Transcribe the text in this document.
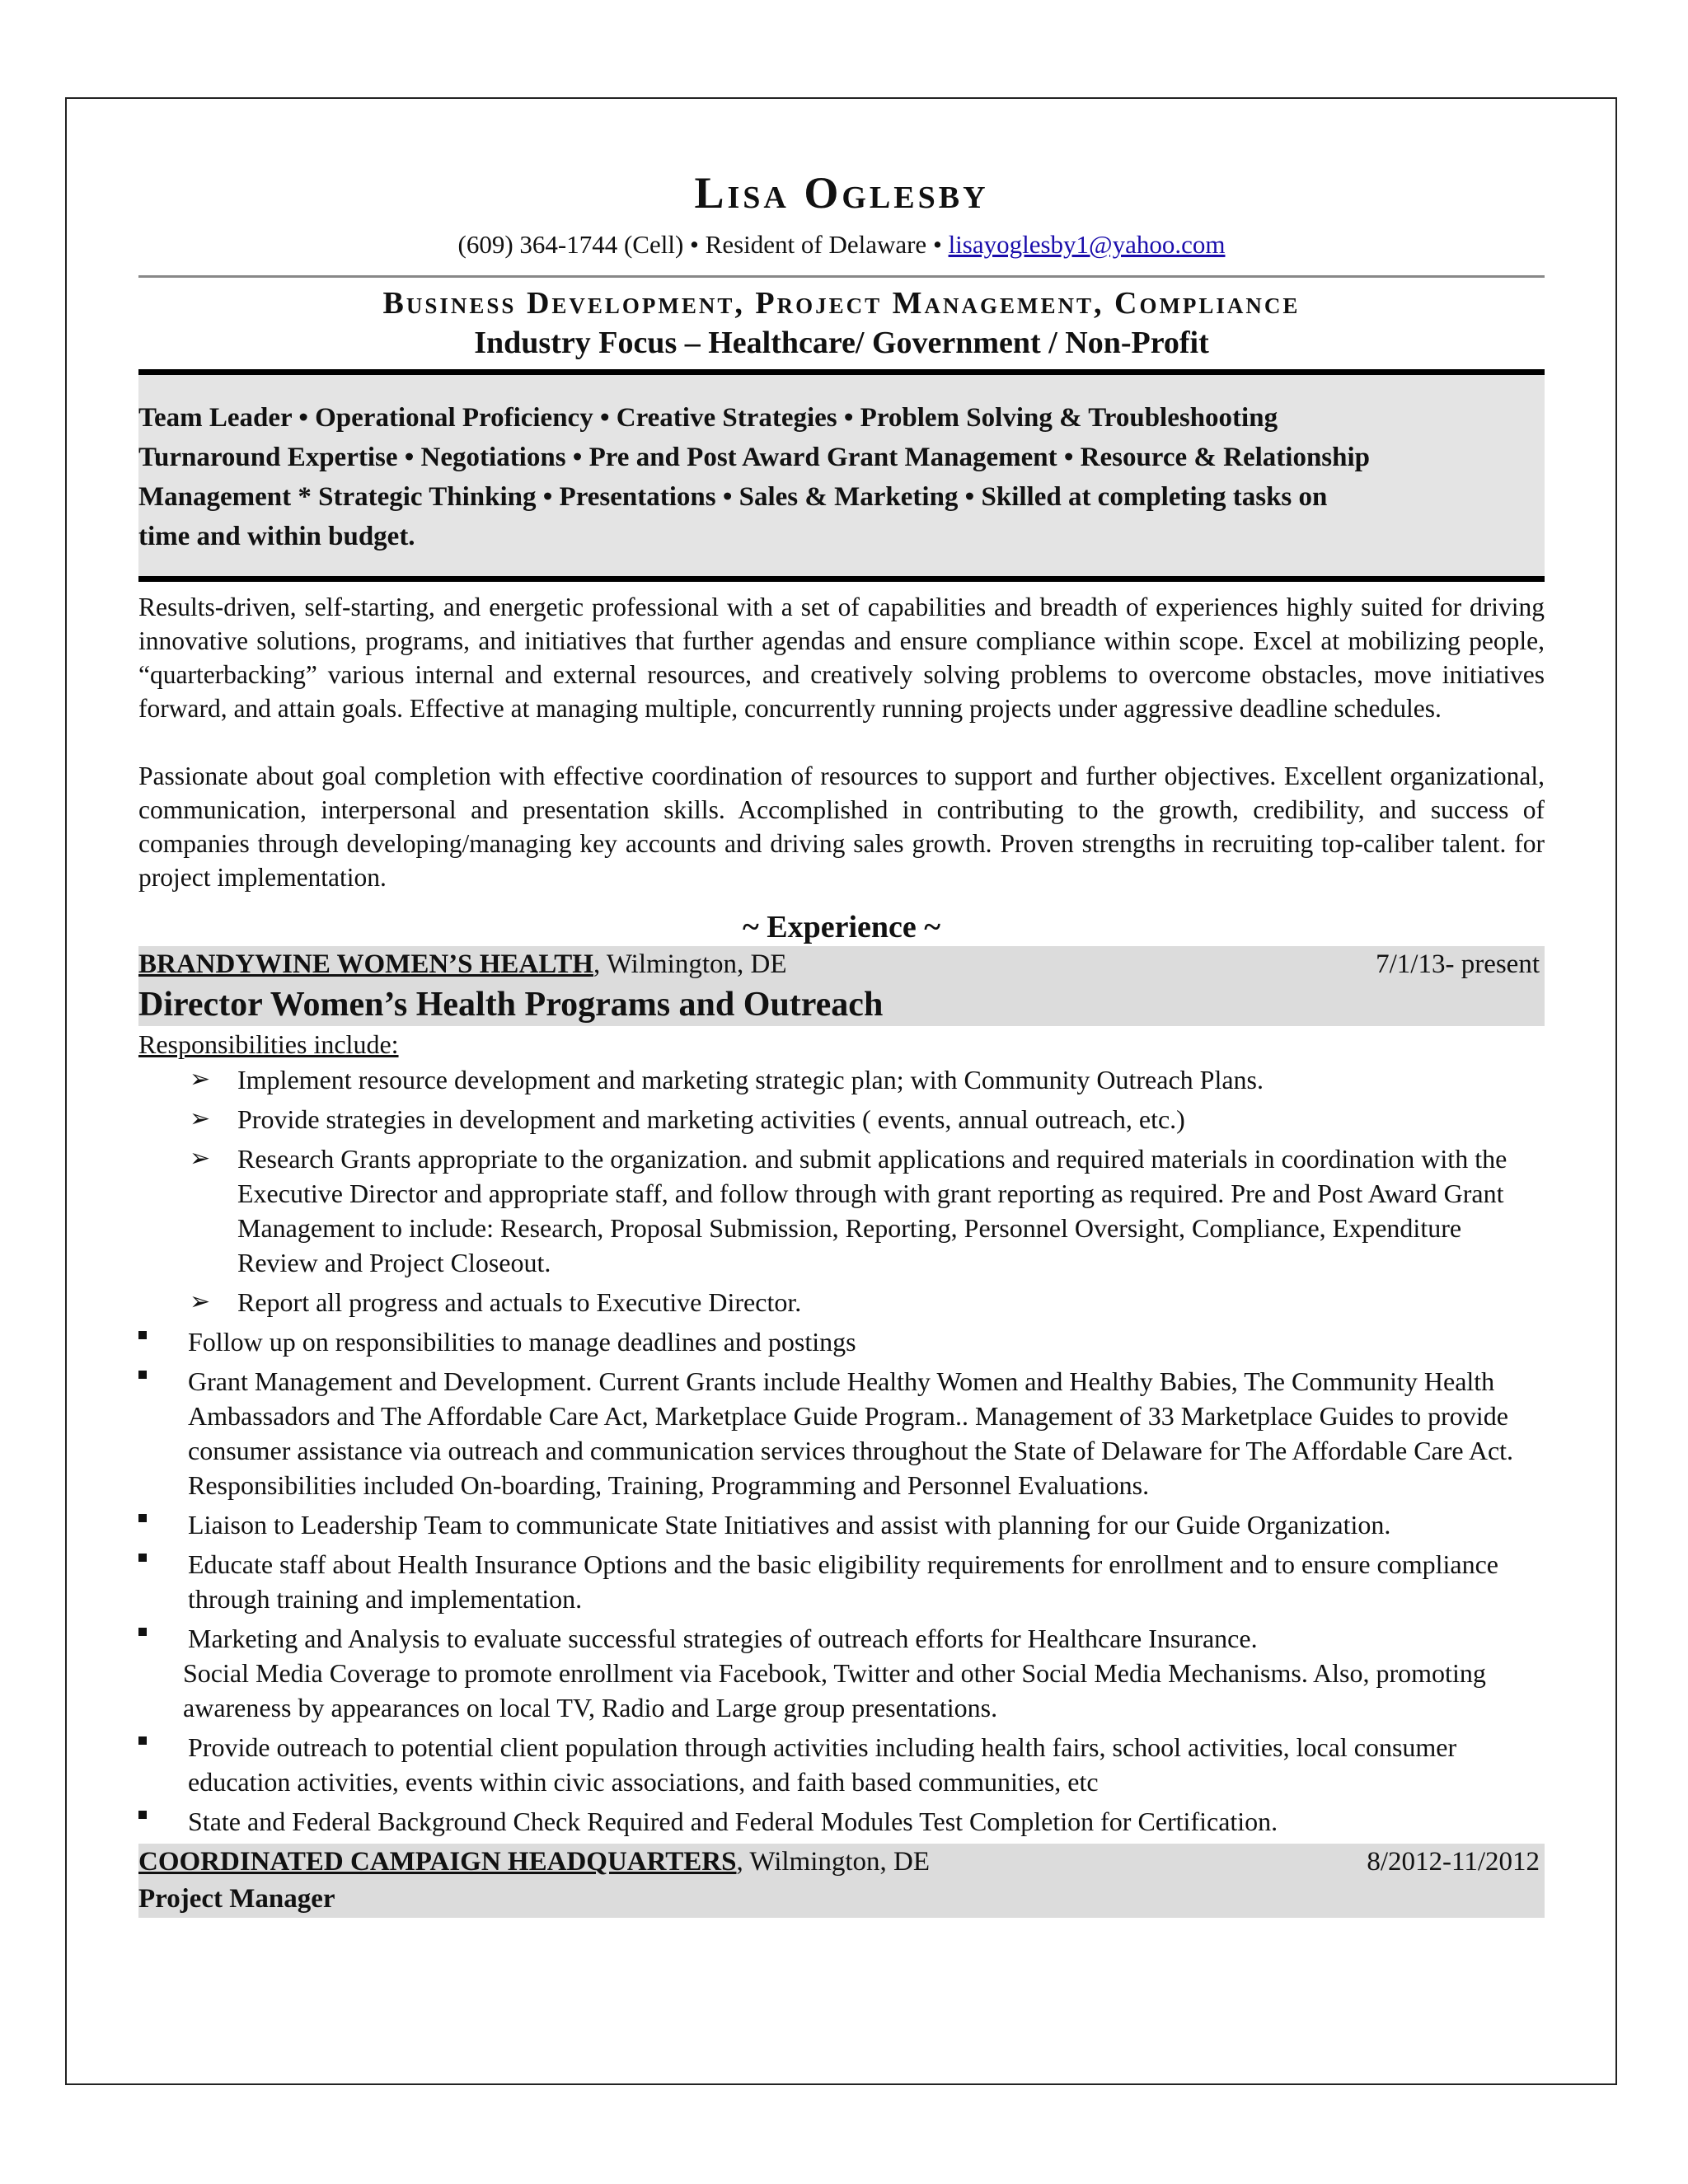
Lisa Oglesby
(609) 364-1744 (Cell) • Resident of Delaware • lisayoglesby1@yahoo.com
Business Development, Project Management, Compliance
Industry Focus – Healthcare/ Government / Non-Profit

Team Leader • Operational Proficiency • Creative Strategies • Problem Solving & Troubleshooting

Turnaround Expertise • Negotiations • Pre and Post Award Grant Management • Resource & Relationship

Management * Strategic Thinking • Presentations • Sales & Marketing • Skilled at completing tasks on

time and within budget.

Results-driven, self-starting, and energetic professional with a set of capabilities and breadth of experiences highly suited for driving innovative solutions, programs, and initiatives that further agendas and ensure compliance within scope. Excel at mobilizing people, “quarterbacking” various internal and external resources, and creatively solving problems to overcome obstacles, move initiatives forward, and attain goals. Effective at managing multiple, concurrently running projects under aggressive deadline schedules.

Passionate about goal completion with effective coordination of resources to support and further objectives. Excellent organizational, communication, interpersonal and presentation skills. Accomplished in contributing to the growth, credibility, and success of companies through developing/managing key accounts and driving sales growth. Proven strengths in recruiting top-caliber talent. for project implementation.

~ Experience ~
BRANDYWINE WOMEN’S HEALTH, Wilmington, DE	7/1/13- present
Director Women’s Health Programs and Outreach
Responsibilities include:
➢ Implement resource development and marketing strategic plan; with Community Outreach Plans.
➢ Provide strategies in development and marketing activities ( events, annual outreach, etc.)
➢ Research Grants appropriate to the organization. and submit applications and required materials in coordination with the Executive Director and appropriate staff, and follow through with grant reporting as required. Pre and Post Award Grant Management to include: Research, Proposal Submission, Reporting, Personnel Oversight, Compliance, Expenditure Review and Project Closeout.
➢ Report all progress and actuals to Executive Director.
Follow up on responsibilities to manage deadlines and postings
Grant Management and Development. Current Grants include Healthy Women and Healthy Babies, The Community Health Ambassadors and The Affordable Care Act, Marketplace Guide Program.. Management of 33 Marketplace Guides to provide consumer assistance via outreach and communication services throughout the State of Delaware for The Affordable Care Act. Responsibilities included On-boarding, Training, Programming and Personnel Evaluations.
Liaison to Leadership Team to communicate State Initiatives and assist with planning for our Guide Organization.
Educate staff about Health Insurance Options and the basic eligibility requirements for enrollment and to ensure compliance through training and implementation.
Marketing and Analysis to evaluate successful strategies of outreach efforts for Healthcare Insurance.
Social Media Coverage to promote enrollment via Facebook, Twitter and other Social Media Mechanisms. Also, promoting awareness by appearances on local TV, Radio and Large group presentations.
Provide outreach to potential client population through activities including health fairs, school activities, local consumer education activities, events within civic associations, and faith based communities, etc
State and Federal Background Check Required and Federal Modules Test Completion for Certification.
COORDINATED CAMPAIGN HEADQUARTERS, Wilmington, DE	8/2012-11/2012
Project Manager
